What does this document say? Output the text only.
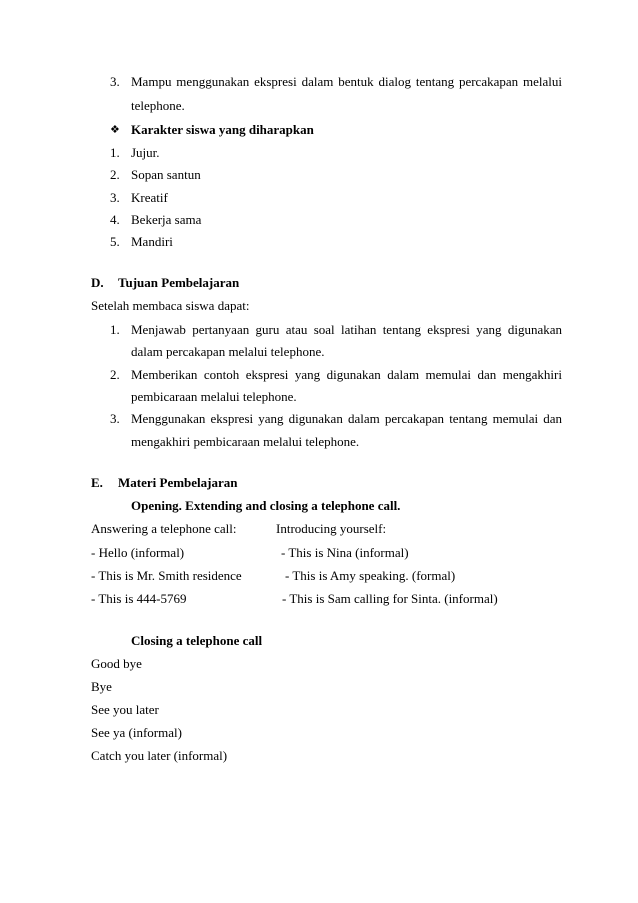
3. Mampu menggunakan ekspresi dalam bentuk dialog tentang percakapan melalui
telephone.
❖ Karakter siswa yang diharapkan
1. Jujur.
2. Sopan santun
3. Kreatif
4. Bekerja sama
5. Mandiri
D. Tujuan Pembelajaran
Setelah membaca siswa dapat:
1. Menjawab pertanyaan guru atau soal latihan tentang ekspresi yang digunakan
dalam percakapan melalui telephone.
2. Memberikan contoh ekspresi yang digunakan dalam memulai dan mengakhiri
pembicaraan melalui telephone.
3. Menggunakan ekspresi yang digunakan dalam percakapan tentang memulai dan
mengakhiri pembicaraan melalui telephone.
E. Materi Pembelajaran
Opening. Extending and closing a telephone call.
Answering a telephone call:	Introducing yourself:
- Hello (informal)	- This is Nina (informal)
- This is Mr. Smith residence	- This is Amy speaking. (formal)
- This is 444-5769	- This is Sam calling for Sinta. (informal)
Closing a telephone call
Good bye
Bye
See you later
See ya (informal)
Catch you later (informal)
